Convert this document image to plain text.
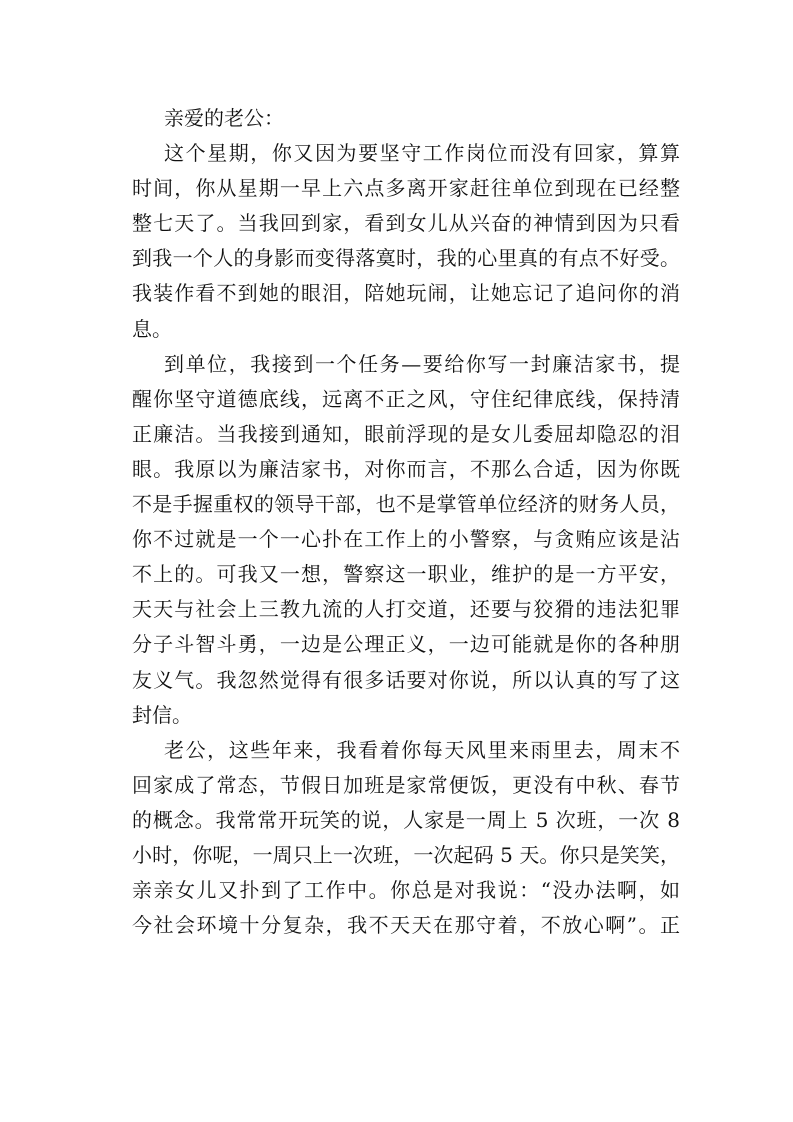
亲爱的老公：
这个星期，你又因为要坚守工作岗位而没有回家，算算
时间，你从星期一早上六点多离开家赶往单位到现在已经整
整七天了。当我回到家，看到女儿从兴奋的神情到因为只看
到我一个人的身影而变得落寞时，我的心里真的有点不好受。
我装作看不到她的眼泪，陪她玩闹，让她忘记了追问你的消
息。
到单位，我接到一个任务—要给你写一封廉洁家书，提
醒你坚守道德底线，远离不正之风，守住纪律底线，保持清
正廉洁。当我接到通知，眼前浮现的是女儿委屈却隐忍的泪
眼。我原以为廉洁家书，对你而言，不那么合适，因为你既
不是手握重权的领导干部，也不是掌管单位经济的财务人员，
你不过就是一个一心扑在工作上的小警察，与贪贿应该是沾
不上的。可我又一想，警察这一职业，维护的是一方平安，
天天与社会上三教九流的人打交道，还要与狡猾的违法犯罪
分子斗智斗勇，一边是公理正义，一边可能就是你的各种朋
友义气。我忽然觉得有很多话要对你说，所以认真的写了这
封信。
老公，这些年来，我看着你每天风里来雨里去，周末不
回家成了常态，节假日加班是家常便饭，更没有中秋、春节
的概念。我常常开玩笑的说，人家是一周上 5 次班，一次 8
小时，你呢，一周只上一次班，一次起码 5 天。你只是笑笑，
亲亲女儿又扑到了工作中。你总是对我说：“没办法啊，如
今社会环境十分复杂，我不天天在那守着，不放心啊”。正
